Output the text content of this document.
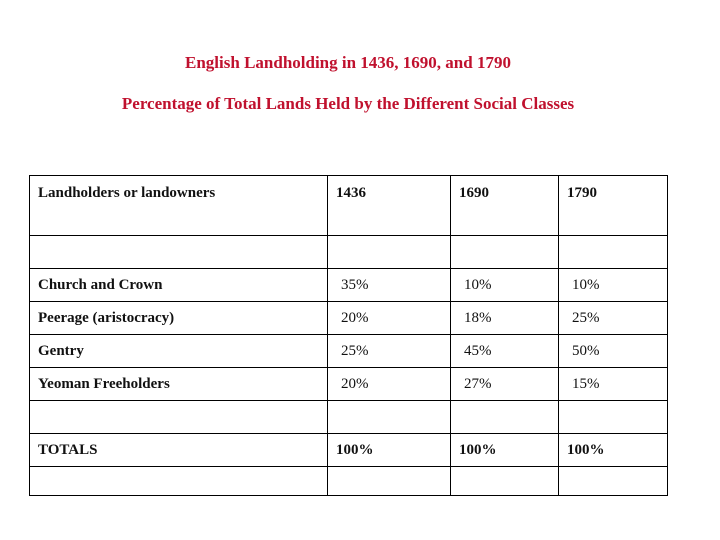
English Landholding in 1436, 1690, and 1790
Percentage of Total Lands Held by the Different Social Classes
Landholders or landowners	1436	1690	1790

Church and Crown	35%	10%	10%
Peerage (aristocracy)	20%	18%	25%
Gentry	25%	45%	50%
Yeoman Freeholders	20%	27%	15%

TOTALS	100%	100%	100%
